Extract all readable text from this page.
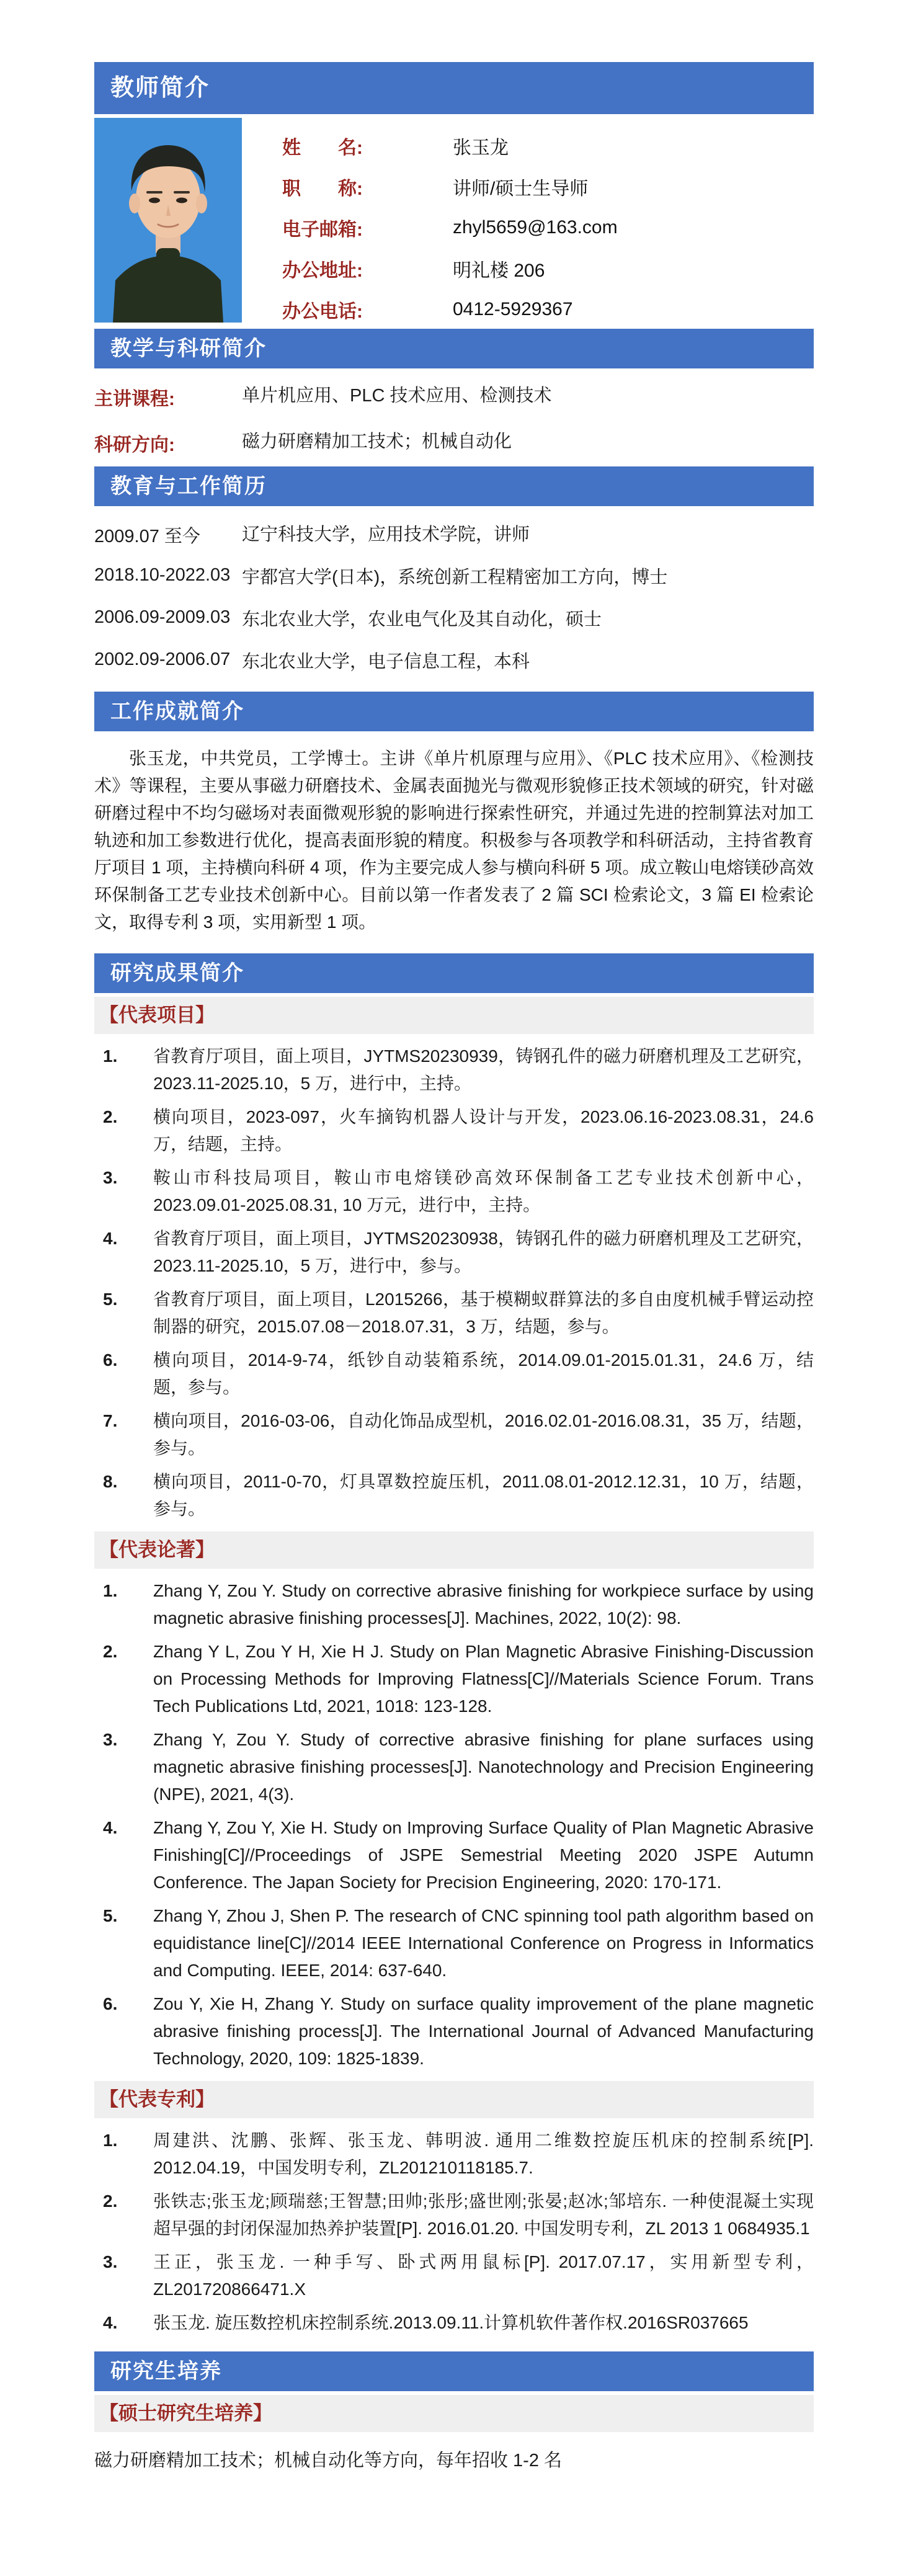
教师简介
姓　　名:	张玉龙
职　　称:	讲师/硕士生导师
电子邮箱:	zhyl5659@163.com
办公地址:	明礼楼 206
办公电话:	0412-5929367
教学与科研简介
主讲课程:	单片机应用、PLC 技术应用、检测技术
科研方向:	磁力研磨精加工技术；机械自动化
教育与工作简历
2009.07 至今	辽宁科技大学，应用技术学院，讲师
2018.10-2022.03 宇都宫大学(日本)，系统创新工程精密加工方向，博士
2006.09-2009.03 东北农业大学，农业电气化及其自动化，硕士
2002.09-2006.07 东北农业大学，电子信息工程，本科
工作成就简介

张玉龙，中共党员，工学博士。主讲《单片机原理与应用》、《PLC 技术应用》、《检测技术》等课程，主要从事磁力研磨技术、金属表面抛光与微观形貌修正技术领域的研究，针对磁研磨过程中不均匀磁场对表面微观形貌的影响进行探索性研究，并通过先进的控制算法对加工轨迹和加工参数进行优化，提高表面形貌的精度。积极参与各项教学和科研活动，主持省教育厅项目 1 项，主持横向科研 4 项，作为主要完成人参与横向科研 5 项。成立鞍山电熔镁砂高效环保制备工艺专业技术创新中心。目前以第一作者发表了 2 篇 SCI 检索论文，3 篇 EI 检索论文，取得专利 3 项，实用新型 1 项。

研究成果简介
【代表项目】
1.	省教育厅项目，面上项目，JYTMS20230939，铸钢孔件的磁力研磨机理及工艺研究，2023.11-2025.10，5 万，进行中，主持。
2.	横向项目，2023-097，火车摘钩机器人设计与开发，2023.06.16-2023.08.31，24.6 万，结题，主持。
3.	鞍山市科技局项目，鞍山市电熔镁砂高效环保制备工艺专业技术创新中心，2023.09.01-2025.08.31, 10 万元，进行中，主持。
4.	省教育厅项目，面上项目，JYTMS20230938，铸钢孔件的磁力研磨机理及工艺研究，2023.11-2025.10，5 万，进行中，参与。
5.	省教育厅项目，面上项目，L2015266，基于模糊蚁群算法的多自由度机械手臂运动控制器的研究，2015.07.08－2018.07.31，3 万，结题，参与。
6.	横向项目，2014-9-74，纸钞自动装箱系统，2014.09.01-2015.01.31，24.6 万，结题，参与。
7.	横向项目，2016-03-06，自动化饰品成型机，2016.02.01-2016.08.31，35 万，结题，参与。
8.	横向项目，2011-0-70，灯具罩数控旋压机，2011.08.01-2012.12.31，10 万，结题，参与。
【代表论著】
1.	Zhang Y, Zou Y. Study on corrective abrasive finishing for workpiece surface by using magnetic abrasive finishing processes[J]. Machines, 2022, 10(2): 98.
2.	Zhang Y L, Zou Y H, Xie H J. Study on Plan Magnetic Abrasive Finishing-Discussion on Processing Methods for Improving Flatness[C]//Materials Science Forum. Trans Tech Publications Ltd, 2021, 1018: 123-128.
3.	Zhang Y, Zou Y. Study of corrective abrasive finishing for plane surfaces using magnetic abrasive finishing processes[J]. Nanotechnology and Precision Engineering (NPE), 2021, 4(3).
4.	Zhang Y, Zou Y, Xie H. Study on Improving Surface Quality of Plan Magnetic Abrasive Finishing[C]//Proceedings of JSPE Semestrial Meeting 2020 JSPE Autumn Conference. The Japan Society for Precision Engineering, 2020: 170-171.
5.	Zhang Y, Zhou J, Shen P. The research of CNC spinning tool path algorithm based on equidistance line[C]//2014 IEEE International Conference on Progress in Informatics and Computing. IEEE, 2014: 637-640.
6.	Zou Y, Xie H, Zhang Y. Study on surface quality improvement of the plane magnetic abrasive finishing process[J]. The International Journal of Advanced Manufacturing Technology, 2020, 109: 1825-1839.
【代表专利】
1.	周建洪、沈鹏、张辉、张玉龙、韩明波. 通用二维数控旋压机床的控制系统[P]. 2012.04.19，中国发明专利，ZL201210118185.7.
2.	张铁志;张玉龙;顾瑞慈;王智慧;田帅;张彤;盛世刚;张晏;赵冰;邹培东. 一种使混凝土实现超早强的封闭保湿加热养护装置[P]. 2016.01.20. 中国发明专利，ZL 2013 1 0684935.1
3.	王正，张玉龙. 一种手写、卧式两用鼠标[P]. 2017.07.17，实用新型专利，ZL201720866471.X
4.	张玉龙. 旋压数控机床控制系统.2013.09.11.计算机软件著作权.2016SR037665
研究生培养
【硕士研究生培养】
磁力研磨精加工技术；机械自动化等方向，每年招收 1-2 名
